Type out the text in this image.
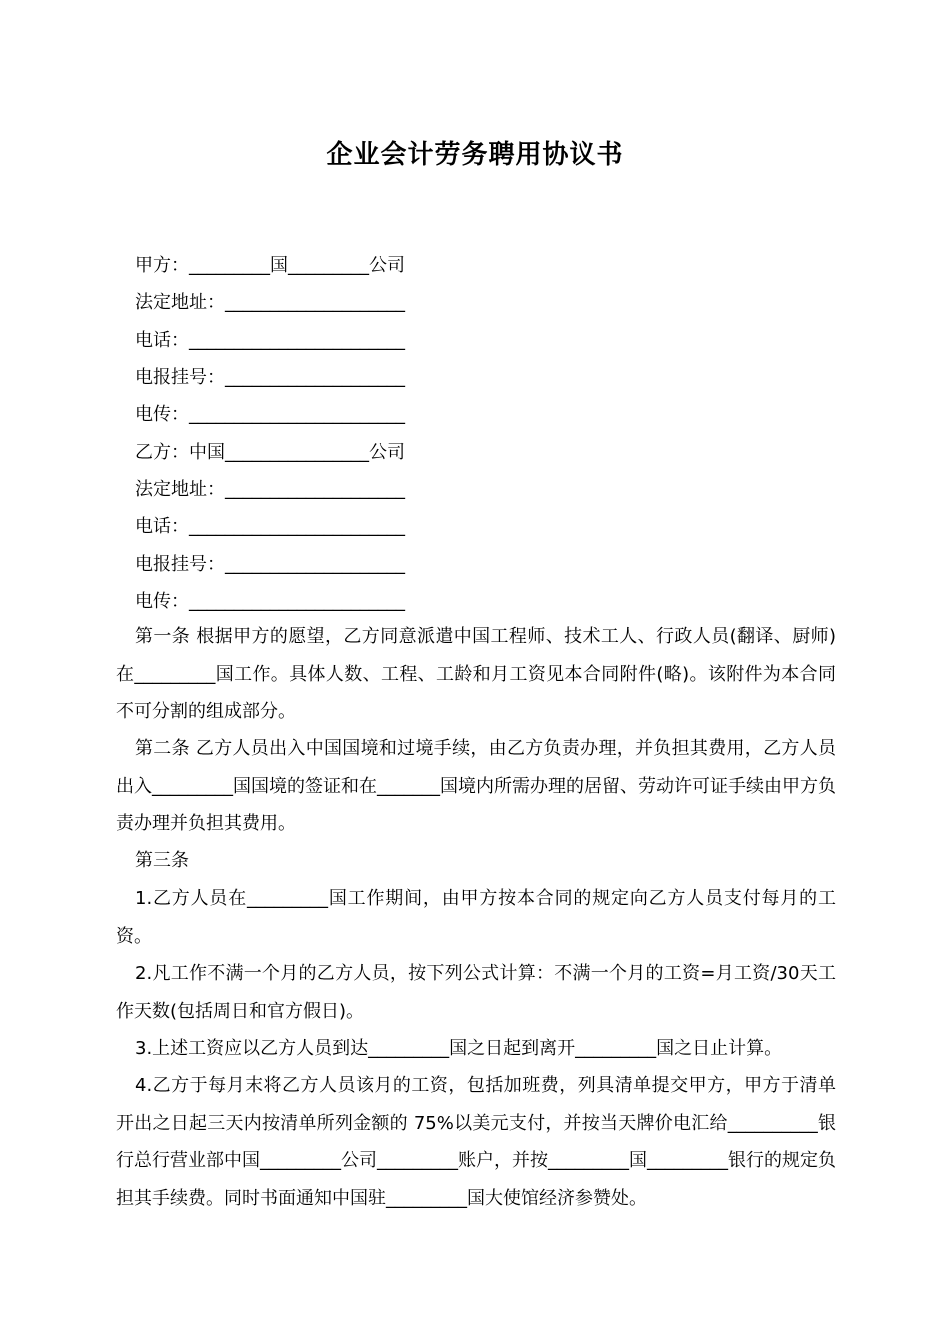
企业会计劳务聘用协议书
甲方：_________国_________公司
法定地址：____________________
电话：________________________
电报挂号：____________________
电传：________________________
乙方：中国________________公司
法定地址：____________________
电话：________________________
电报挂号：____________________
电传：________________________
第一条 根据甲方的愿望，乙方同意派遣中国工程师、技术工人、行政人员(翻译、厨师)在_________国工作。具体人数、工程、工龄和月工资见本合同附件(略)。该附件为本合同不可分割的组成部分。
第二条 乙方人员出入中国国境和过境手续，由乙方负责办理，并负担其费用，乙方人员出入_________国国境的签证和在_______国境内所需办理的居留、劳动许可证手续由甲方负责办理并负担其费用。
第三条
1.乙方人员在_________国工作期间，由甲方按本合同的规定向乙方人员支付每月的工资。
2.凡工作不满一个月的乙方人员，按下列公式计算：不满一个月的工资=月工资/30天工作天数(包括周日和官方假日)。
3.上述工资应以乙方人员到达_________国之日起到离开_________国之日止计算。
4.乙方于每月末将乙方人员该月的工资，包括加班费，列具清单提交甲方，甲方于清单开出之日起三天内按清单所列金额的 75%以美元支付，并按当天牌价电汇给__________银行总行营业部中国_________公司_________账户，并按_________国_________银行的规定负担其手续费。同时书面通知中国驻_________国大使馆经济参赞处。
